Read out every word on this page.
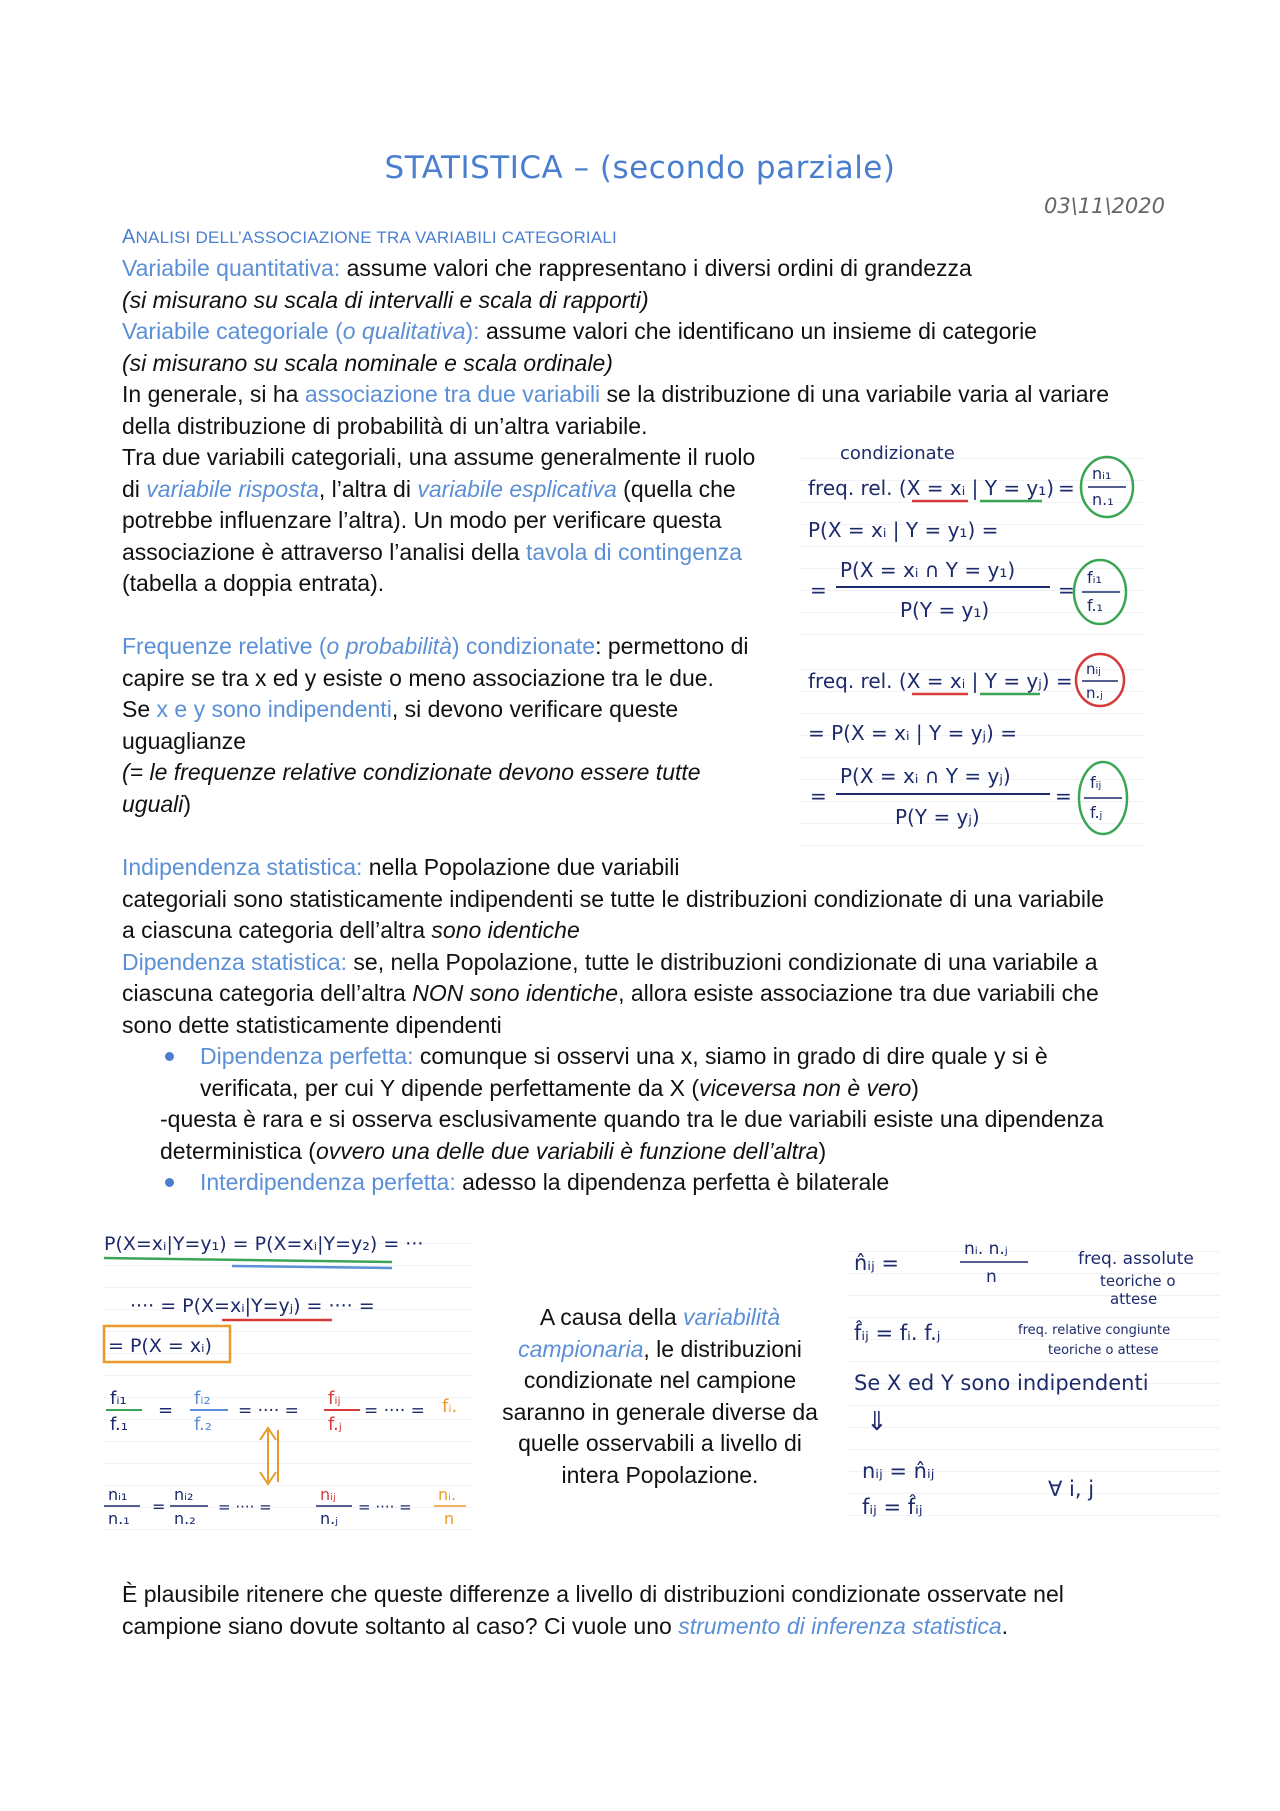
STATISTICA – (secondo parziale)
03\11\2020
ANALISI DELL’ASSOCIAZIONE TRA VARIABILI CATEGORIALI
Variabile quantitativa: assume valori che rappresentano i diversi ordini di grandezza
(si misurano su scala di intervalli e scala di rapporti)
Variabile categoriale (o qualitativa): assume valori che identificano un insieme di categorie
(si misurano su scala nominale e scala ordinale)
In generale, si ha associazione tra due variabili se la distribuzione di una variabile varia al variare
della distribuzione di probabilità di un’altra variabile.
Tra due variabili categoriali, una assume generalmente il ruolo
di variabile risposta, l’altra di variabile esplicativa (quella che
potrebbe influenzare l’altra). Un modo per verificare questa
associazione è attraverso l’analisi della tavola di contingenza
(tabella a doppia entrata).
Frequenze relative (o probabilità) condizionate: permettono di
capire se tra x ed y esiste o meno associazione tra le due.
Se x e y sono indipendenti, si devono verificare queste
uguaglianze
(= le frequenze relative condizionate devono essere tutte
uguali)
condizionate
freq. rel. (X = xᵢ | Y = y₁) =
P(X = xᵢ | Y = y₁) =
=
P(X = xᵢ ∩ Y = y₁)
P(Y = y₁)
=
nᵢ₁
n.₁
fᵢ₁
f.₁
freq. rel. (X = xᵢ | Y = yⱼ) = nᵢⱼ
n.ⱼ
= P(X = xᵢ | Y = yⱼ) =
=
P(X = xᵢ ∩ Y = yⱼ)
P(Y = yⱼ)
=
fᵢⱼ
f.ⱼ
Indipendenza statistica: nella Popolazione due variabili
categoriali sono statisticamente indipendenti se tutte le distribuzioni condizionate di una variabile
a ciascuna categoria dell’altra sono identiche
Dipendenza statistica: se, nella Popolazione, tutte le distribuzioni condizionate di una variabile a
ciascuna categoria dell’altra NON sono identiche, allora esiste associazione tra due variabili che
sono dette statisticamente dipendenti
Dipendenza perfetta: comunque si osservi una x, siamo in grado di dire quale y si è
verificata, per cui Y dipende perfettamente da X (viceversa non è vero)
-questa è rara e si osserva esclusivamente quando tra le due variabili esiste una dipendenza
deterministica (ovvero una delle due variabili è funzione dell’altra)
Interdipendenza perfetta: adesso la dipendenza perfetta è bilaterale
P(X=xᵢ|Y=y₁) = P(X=xᵢ|Y=y₂) = ···
···· = P(X=xᵢ|Y=yⱼ) = ···· =
= P(X = xᵢ)
fᵢ₁
f.₁
=
fᵢ₂
f.₂
= ···· =
fᵢⱼ
f.ⱼ
= ···· = fᵢ.
nᵢ₁
n.₁
=
nᵢ₂
n.₂
= ···· =
nᵢⱼ
n.ⱼ
= ···· =
nᵢ.
n
A causa della variabilità
campionaria, le distribuzioni
condizionate nel campione
saranno in generale diverse da
quelle osservabili a livello di
intera Popolazione.
n̂ᵢⱼ =
nᵢ. n.ⱼ
n
freq. assolute
teoriche o
attese
f̂ᵢⱼ = fᵢ. f.ⱼ	freq. relative congiunte
teoriche o attese
Se X ed Y sono indipendenti
⇓
nᵢⱼ = n̂ᵢⱼ
fᵢⱼ = f̂ᵢⱼ
∀ i, j
È plausibile ritenere che queste differenze a livello di distribuzioni condizionate osservate nel
campione siano dovute soltanto al caso? Ci vuole uno strumento di inferenza statistica.
